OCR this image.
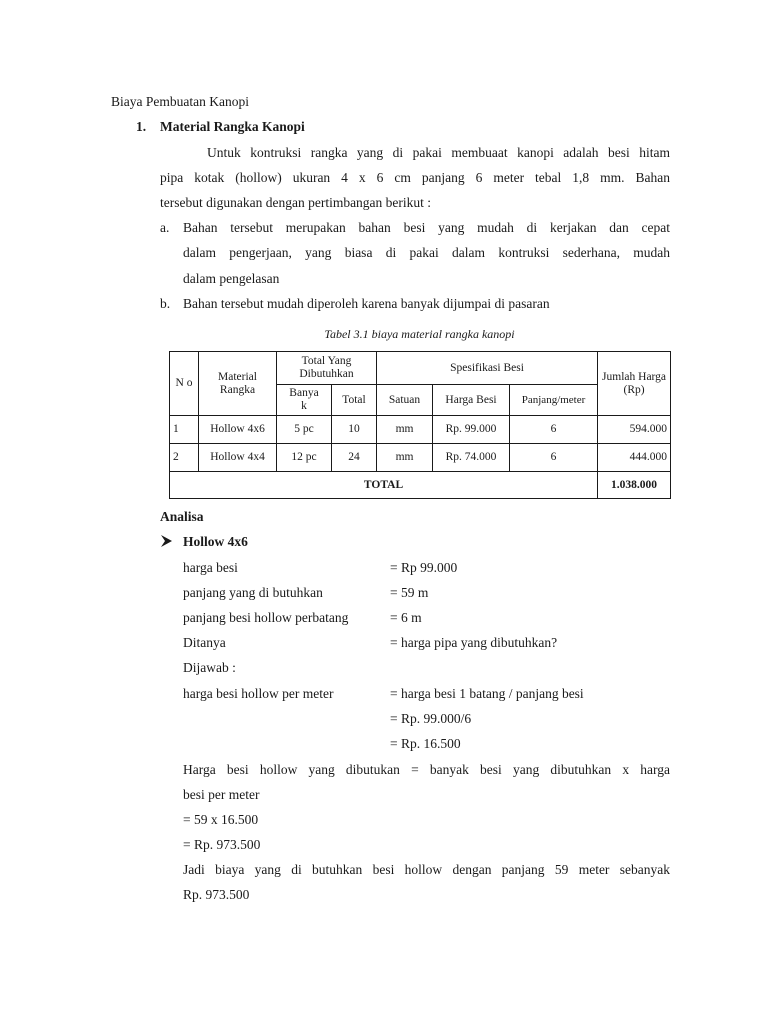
Biaya Pembuatan Kanopi
1. Material Rangka Kanopi
Untuk kontruksi rangka yang di pakai membuaat kanopi adalah besi hitam
pipa kotak (hollow) ukuran 4 x 6 cm panjang 6 meter tebal 1,8 mm. Bahan
tersebut digunakan dengan pertimbangan berikut :
a. Bahan tersebut merupakan bahan besi yang mudah di kerjakan dan cepat
dalam pengerjaan, yang biasa di pakai dalam kontruksi sederhana, mudah
dalam pengelasan
b. Bahan tersebut mudah diperoleh karena banyak dijumpai di pasaran
Tabel 3.1 biaya material rangka kanopi
N o	Material Rangka	Total Yang Dibutuhkan		Spesifikasi Besi			Jumlah Harga (Rp)
		Banyak	Total	Satuan	Harga Besi	Panjang/meter	
1	Hollow 4x6	5 pc	10	mm	Rp. 99.000	6	594.000
2	Hollow 4x4	12 pc	24	mm	Rp. 74.000	6	444.000
TOTAL							1.038.000
Analisa
Hollow 4x6
harga besi	= Rp 99.000
panjang yang di butuhkan	= 59 m
panjang besi hollow perbatang	= 6 m
Ditanya	= harga pipa yang dibutuhkan?
Dijawab :
harga besi hollow per meter	= harga besi 1 batang / panjang besi
= Rp. 99.000/6
= Rp. 16.500
Harga besi hollow yang dibutukan = banyak besi yang dibutuhkan x harga
besi per meter
= 59 x 16.500
= Rp. 973.500
Jadi biaya yang di butuhkan besi hollow dengan panjang 59 meter sebanyak
Rp. 973.500
